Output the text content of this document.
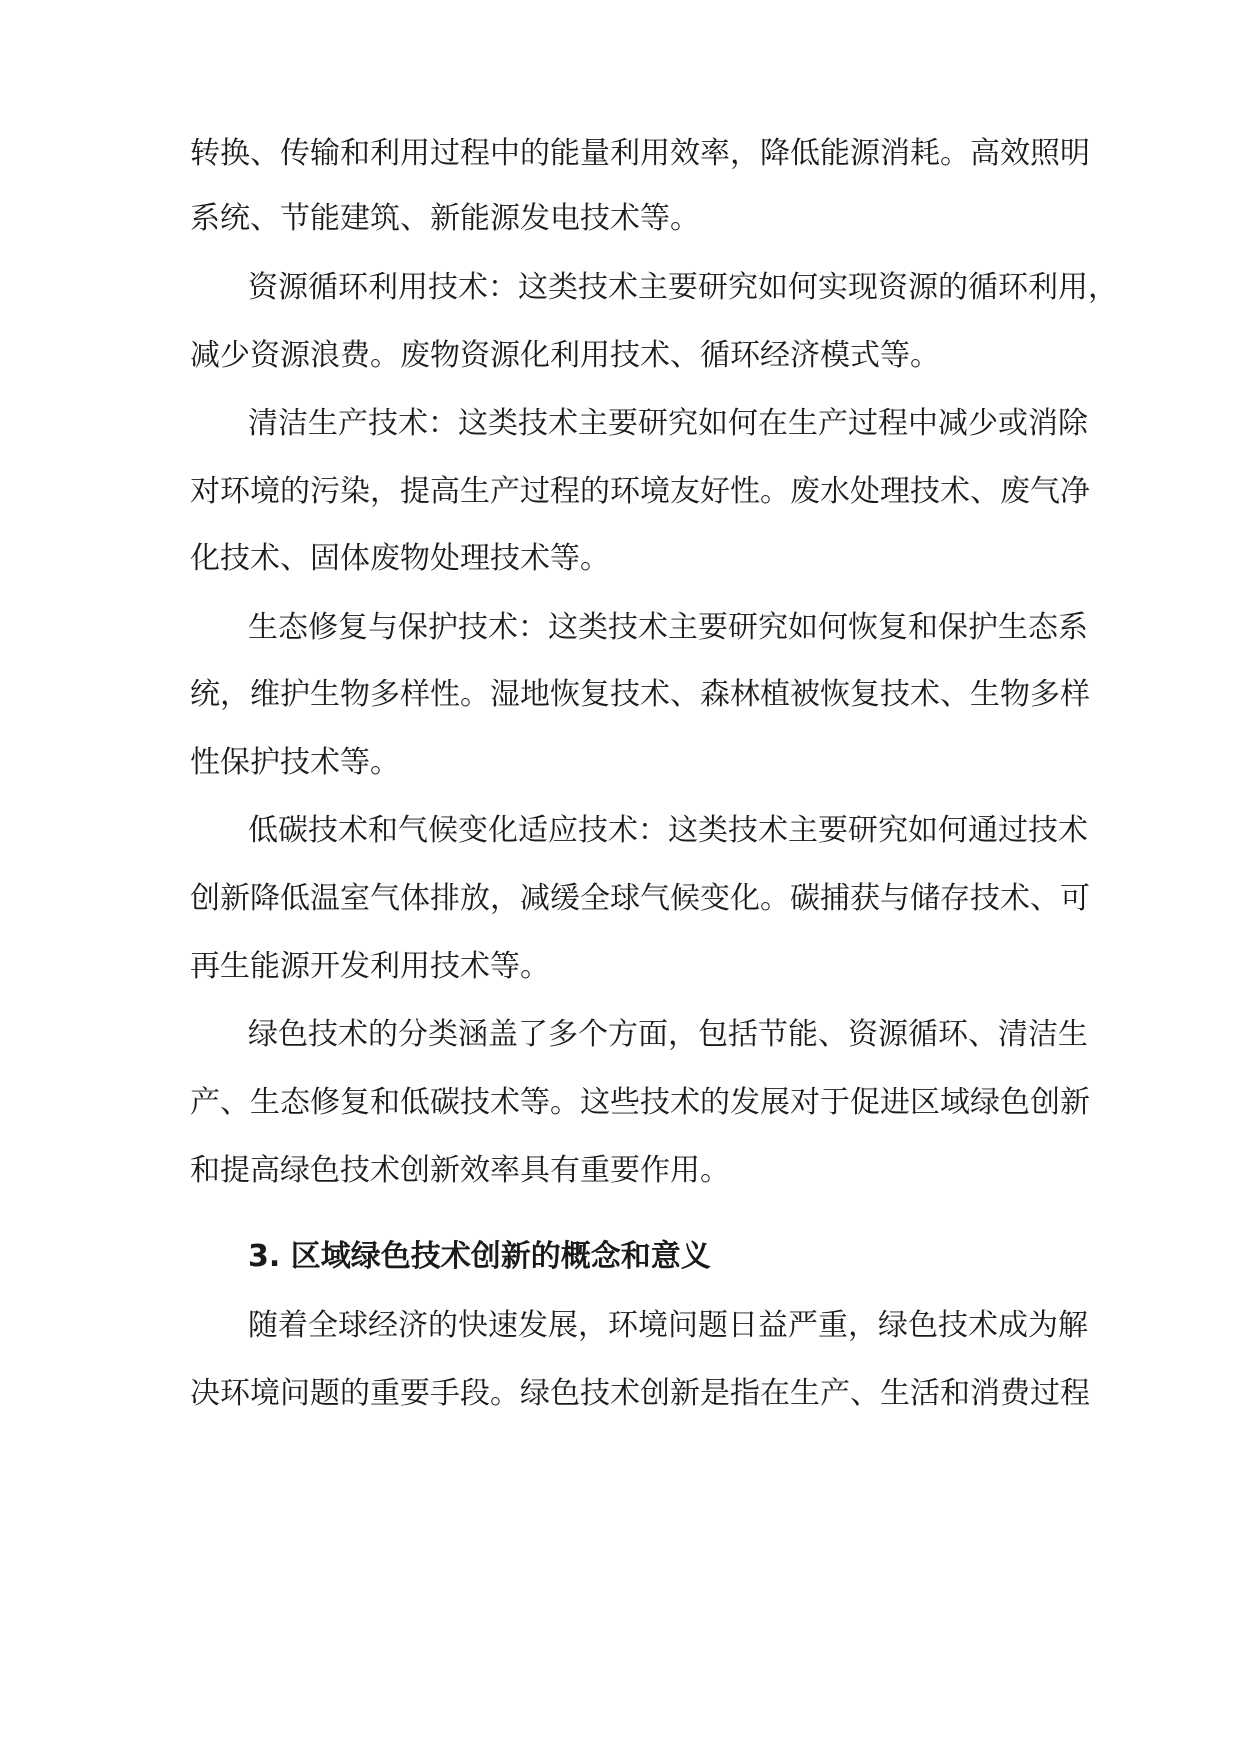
转换、传输和利用过程中的能量利用效率，降低能源消耗。高效照明

系统、节能建筑、新能源发电技术等。

资源循环利用技术：这类技术主要研究如何实现资源的循环利用，

减少资源浪费。废物资源化利用技术、循环经济模式等。

清洁生产技术：这类技术主要研究如何在生产过程中减少或消除

对环境的污染，提高生产过程的环境友好性。废水处理技术、废气净

化技术、固体废物处理技术等。

生态修复与保护技术：这类技术主要研究如何恢复和保护生态系

统，维护生物多样性。湿地恢复技术、森林植被恢复技术、生物多样

性保护技术等。

低碳技术和气候变化适应技术：这类技术主要研究如何通过技术

创新降低温室气体排放，减缓全球气候变化。碳捕获与储存技术、可

再生能源开发利用技术等。

绿色技术的分类涵盖了多个方面，包括节能、资源循环、清洁生

产、生态修复和低碳技术等。这些技术的发展对于促进区域绿色创新

和提高绿色技术创新效率具有重要作用。

3. 区域绿色技术创新的概念和意义

随着全球经济的快速发展，环境问题日益严重，绿色技术成为解

决环境问题的重要手段。绿色技术创新是指在生产、生活和消费过程
